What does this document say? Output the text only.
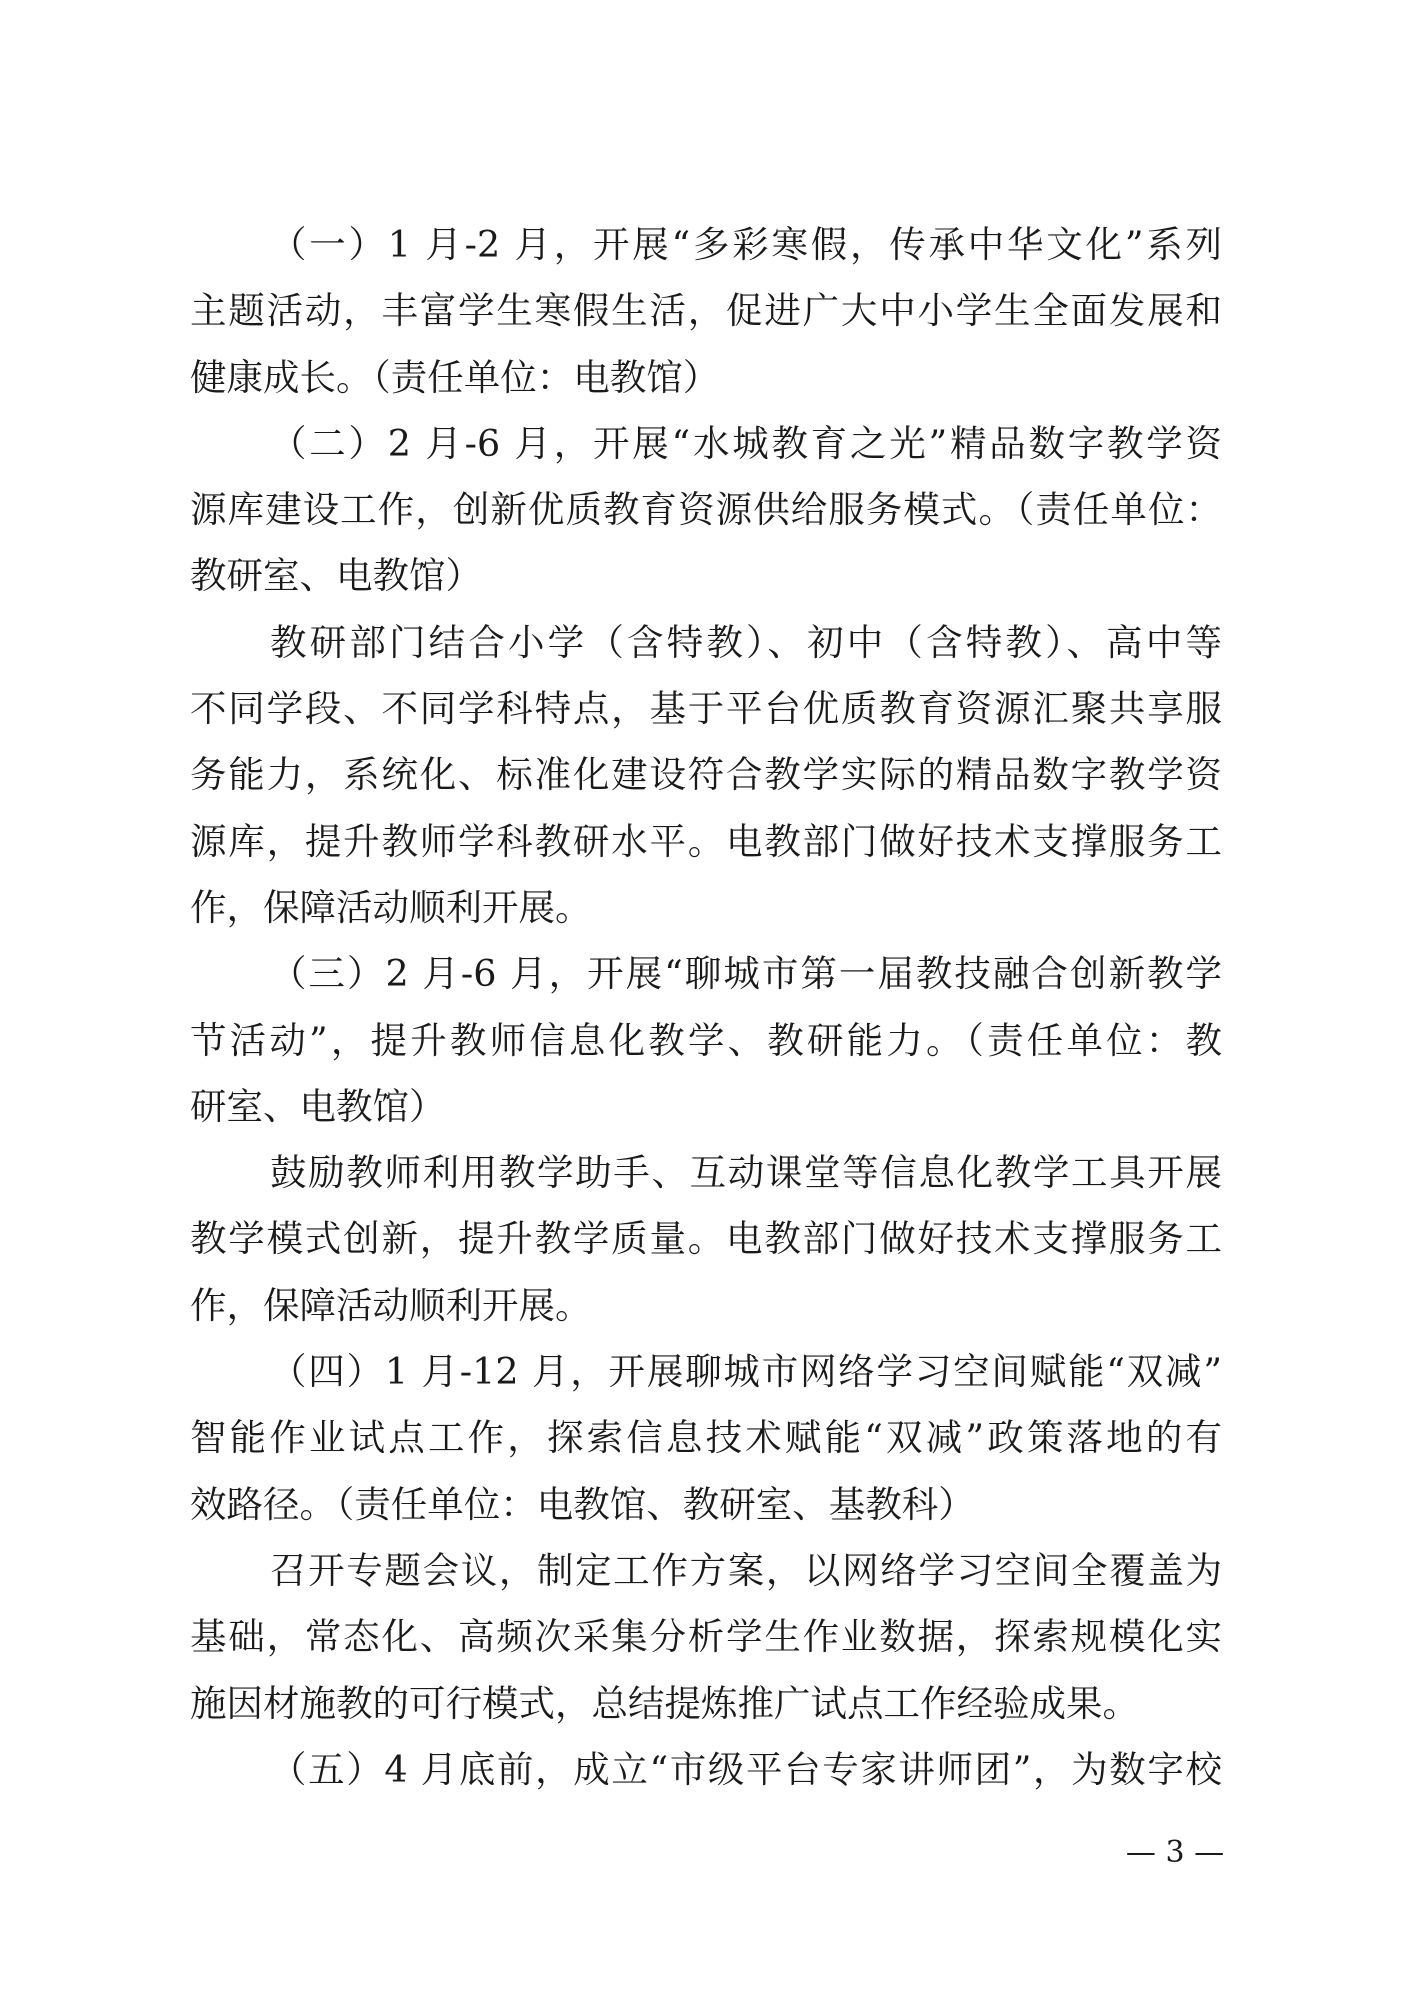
（一）1 月-2 月，开展“多彩寒假，传承中华文化”系列
主题活动，丰富学生寒假生活，促进广大中小学生全面发展和
健康成长。（责任单位：电教馆）
（二）2 月-6 月，开展“水城教育之光”精品数字教学资
源库建设工作，创新优质教育资源供给服务模式。（责任单位：
教研室、电教馆）
教研部门结合小学（含特教）、初中（含特教）、高中等
不同学段、不同学科特点，基于平台优质教育资源汇聚共享服
务能力，系统化、标准化建设符合教学实际的精品数字教学资
源库，提升教师学科教研水平。电教部门做好技术支撑服务工
作，保障活动顺利开展。
（三）2 月-6 月，开展“聊城市第一届教技融合创新教学
节活动”，提升教师信息化教学、教研能力。（责任单位：教
研室、电教馆）
鼓励教师利用教学助手、互动课堂等信息化教学工具开展
教学模式创新，提升教学质量。电教部门做好技术支撑服务工
作，保障活动顺利开展。
（四）1 月-12 月，开展聊城市网络学习空间赋能“双减”
智能作业试点工作，探索信息技术赋能“双减”政策落地的有
效路径。（责任单位：电教馆、教研室、基教科）
召开专题会议，制定工作方案，以网络学习空间全覆盖为
基础，常态化、高频次采集分析学生作业数据，探索规模化实
施因材施教的可行模式，总结提炼推广试点工作经验成果。
（五）4 月底前，成立“市级平台专家讲师团”，为数字校
— 3 —
